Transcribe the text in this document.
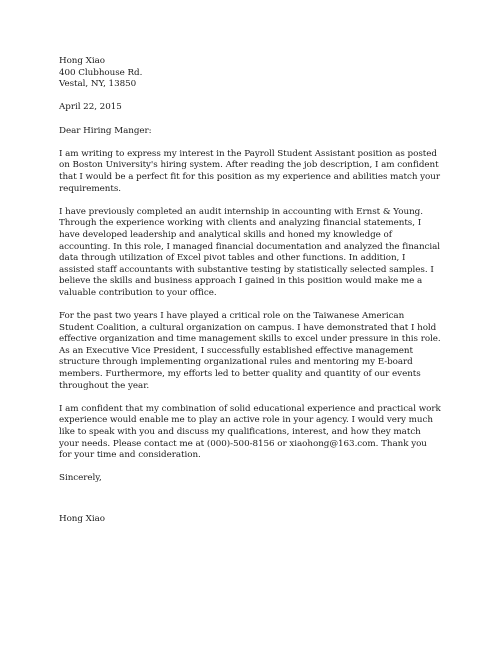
Hong Xiao
400 Clubhouse Rd.
Vestal, NY, 13850
April 22, 2015
Dear Hiring Manger:

I am writing to express my interest in the Payroll Student Assistant position as posted on Boston University's hiring system. After reading the job description, I am confident that I would be a perfect fit for this position as my experience and abilities match your requirements.

I have previously completed an audit internship in accounting with Ernst & Young. Through the experience working with clients and analyzing financial statements, I have developed leadership and analytical skills and honed my knowledge of accounting. In this role, I managed financial documentation and analyzed the financial data through utilization of Excel pivot tables and other functions. In addition, I assisted staff accountants with substantive testing by statistically selected samples. I believe the skills and business approach I gained in this position would make me a valuable contribution to your office.

For the past two years I have played a critical role on the Taiwanese American Student Coalition, a cultural organization on campus. I have demonstrated that I hold effective organization and time management skills to excel under pressure in this role. As an Executive Vice President, I successfully established effective management structure through implementing organizational rules and mentoring my E-board members. Furthermore, my efforts led to better quality and quantity of our events throughout the year.

I am confident that my combination of solid educational experience and practical work experience would enable me to play an active role in your agency. I would very much like to speak with you and discuss my qualifications, interest, and how they match your needs. Please contact me at (000)-500-8156 or xiaohong@163.com. Thank you for your time and consideration.

Sincerely,
Hong Xiao
